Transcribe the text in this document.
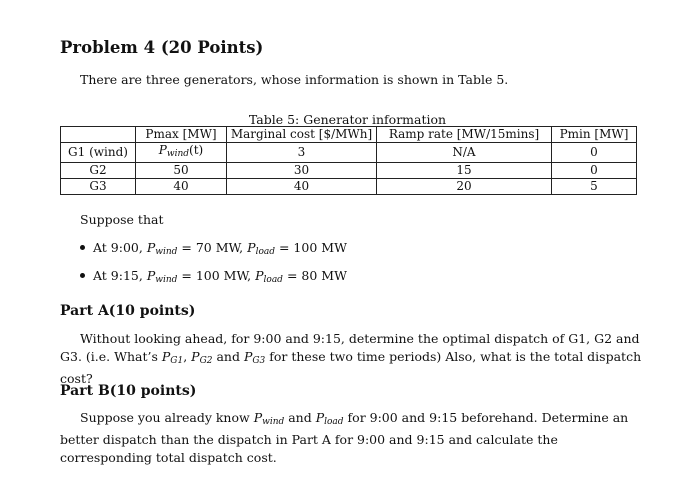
Problem 4 (20 Points)
There are three generators, whose information is shown in Table 5.
Table 5: Generator information
	Pmax [MW]	Marginal cost [$/MWh]	Ramp rate [MW/15mins]	Pmin [MW]
G1 (wind)	$P_{wind}(t)$	3	N/A	0
G2	50	30	15	0
G3	40	40	20	5
Suppose that
At 9:00, $P_{wind} = 70$ MW, $P_{load} = 100$ MW
At 9:15, $P_{wind} = 100$ MW, $P_{load} = 80$ MW
Part A(10 points)
Without looking ahead, for 9:00 and 9:15, determine the optimal dispatch of G1, G2 and G3. (i.e. What’s $P_{G1}$, $P_{G2}$ and $P_{G3}$ for these two time periods) Also, what is the total dispatch cost?
Part B(10 points)
Suppose you already know $P_{wind}$ and $P_{load}$ for 9:00 and 9:15 beforehand. Determine an better dispatch than the dispatch in Part A for 9:00 and 9:15 and calculate the corresponding total dispatch cost.
